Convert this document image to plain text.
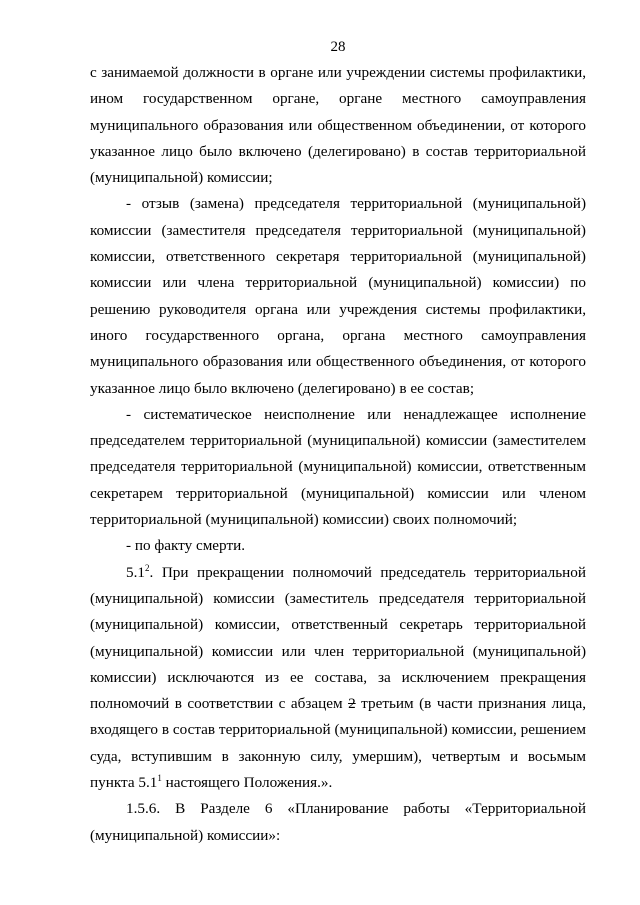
28

с занимаемой должности в органе или учреждении системы профилактики, ином государственном органе, органе местного самоуправления муниципального образования или общественном объединении, от которого указанное лицо было включено (делегировано) в состав территориальной (муниципальной) комиссии;

- отзыв (замена) председателя территориальной (муниципальной) комиссии (заместителя председателя территориальной (муниципальной) комиссии, ответственного секретаря территориальной (муниципальной) комиссии или члена территориальной (муниципальной) комиссии) по решению руководителя органа или учреждения системы профилактики, иного государственного органа, органа местного самоуправления муниципального образования или общественного объединения, от которого указанное лицо было включено (делегировано) в ее состав;

- систематическое неисполнение или ненадлежащее исполнение председателем территориальной (муниципальной) комиссии (заместителем председателя территориальной (муниципальной) комиссии, ответственным секретарем территориальной (муниципальной) комиссии или членом территориальной (муниципальной) комиссии) своих полномочий;

- по факту смерти.

$5.1^2$. При прекращении полномочий председатель территориальной (муниципальной) комиссии (заместитель председателя территориальной (муниципальной) комиссии, ответственный секретарь территориальной (муниципальной) комиссии или член территориальной (муниципальной) комиссии) исключаются из ее состава, за исключением прекращения полномочий в соответствии с абзацем 2 третьим (в части признания лица, входящего в состав территориальной (муниципальной) комиссии, решением суда, вступившим в законную силу, умершим), четвертым и восьмым пункта $5.1^1$ настоящего Положения.».

1.5.6. В Разделе 6 «Планирование работы «Территориальной (муниципальной) комиссии»:
